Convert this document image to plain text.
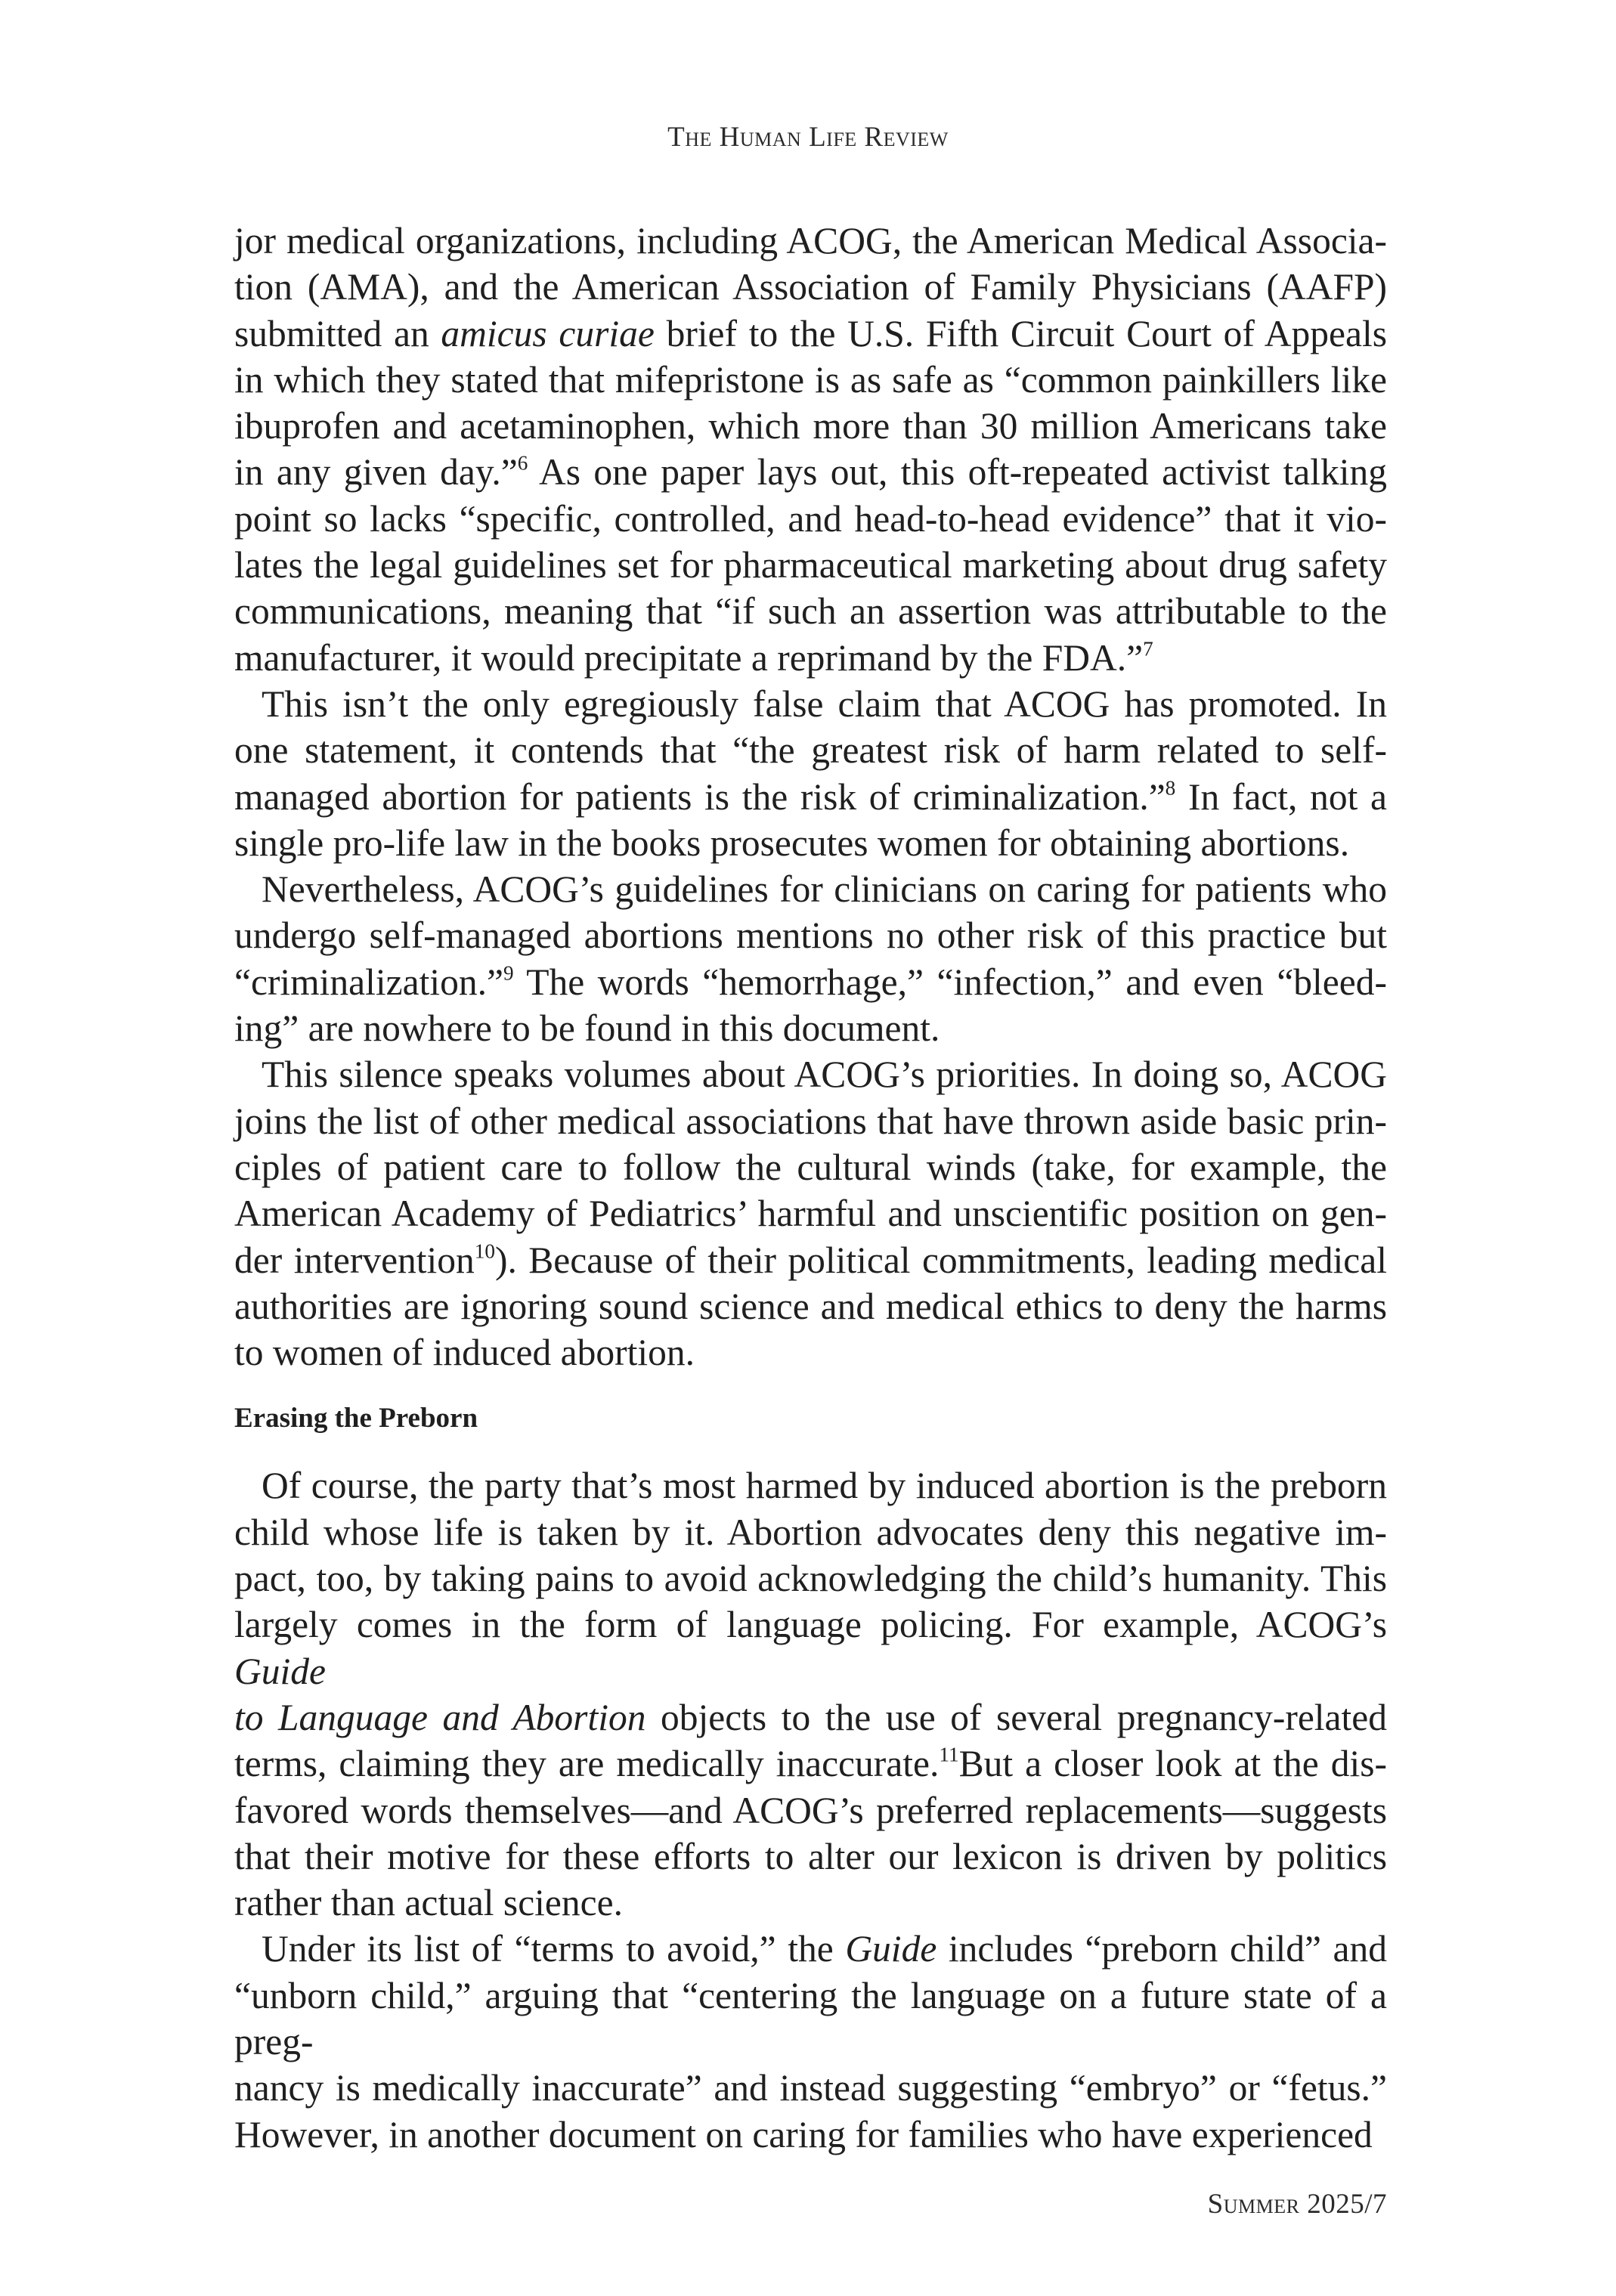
The Human Life Review

jor medical organizations, including ACOG, the American Medical Associa-

tion (AMA), and the American Association of Family Physicians (AAFP)

submitted an amicus curiae brief to the U.S. Fifth Circuit Court of Appeals

in which they stated that mifepristone is as safe as “common painkillers like

ibuprofen and acetaminophen, which more than 30 million Americans take

in any given day.”$^6$ As one paper lays out, this oft-repeated activist talking

point so lacks “specific, controlled, and head-to-head evidence” that it vio-

lates the legal guidelines set for pharmaceutical marketing about drug safety

communications, meaning that “if such an assertion was attributable to the

manufacturer, it would precipitate a reprimand by the FDA.”$^7$

This isn’t the only egregiously false claim that ACOG has promoted. In

one statement, it contends that “the greatest risk of harm related to self-

managed abortion for patients is the risk of criminalization.”$^8$ In fact, not a

single pro-life law in the books prosecutes women for obtaining abortions.

Nevertheless, ACOG’s guidelines for clinicians on caring for patients who

undergo self-managed abortions mentions no other risk of this practice but

“criminalization.”$^9$ The words “hemorrhage,” “infection,” and even “bleed-

ing” are nowhere to be found in this document.

This silence speaks volumes about ACOG’s priorities. In doing so, ACOG

joins the list of other medical associations that have thrown aside basic prin-

ciples of patient care to follow the cultural winds (take, for example, the

American Academy of Pediatrics’ harmful and unscientific position on gen-

der intervention$^{10}$). Because of their political commitments, leading medical

authorities are ignoring sound science and medical ethics to deny the harms

to women of induced abortion.

Erasing the Preborn

Of course, the party that’s most harmed by induced abortion is the preborn

child whose life is taken by it. Abortion advocates deny this negative im-

pact, too, by taking pains to avoid acknowledging the child’s humanity. This

largely comes in the form of language policing. For example, ACOG’s Guide

to Language and Abortion objects to the use of several pregnancy-related

terms, claiming they are medically inaccurate.$^{11}$But a closer look at the dis-

favored words themselves—and ACOG’s preferred replacements—suggests

that their motive for these efforts to alter our lexicon is driven by politics

rather than actual science.

Under its list of “terms to avoid,” the Guide includes “preborn child” and

“unborn child,” arguing that “centering the language on a future state of a preg-

nancy is medically inaccurate” and instead suggesting “embryo” or “fetus.”

However, in another document on caring for families who have experienced

Summer 2025/7
